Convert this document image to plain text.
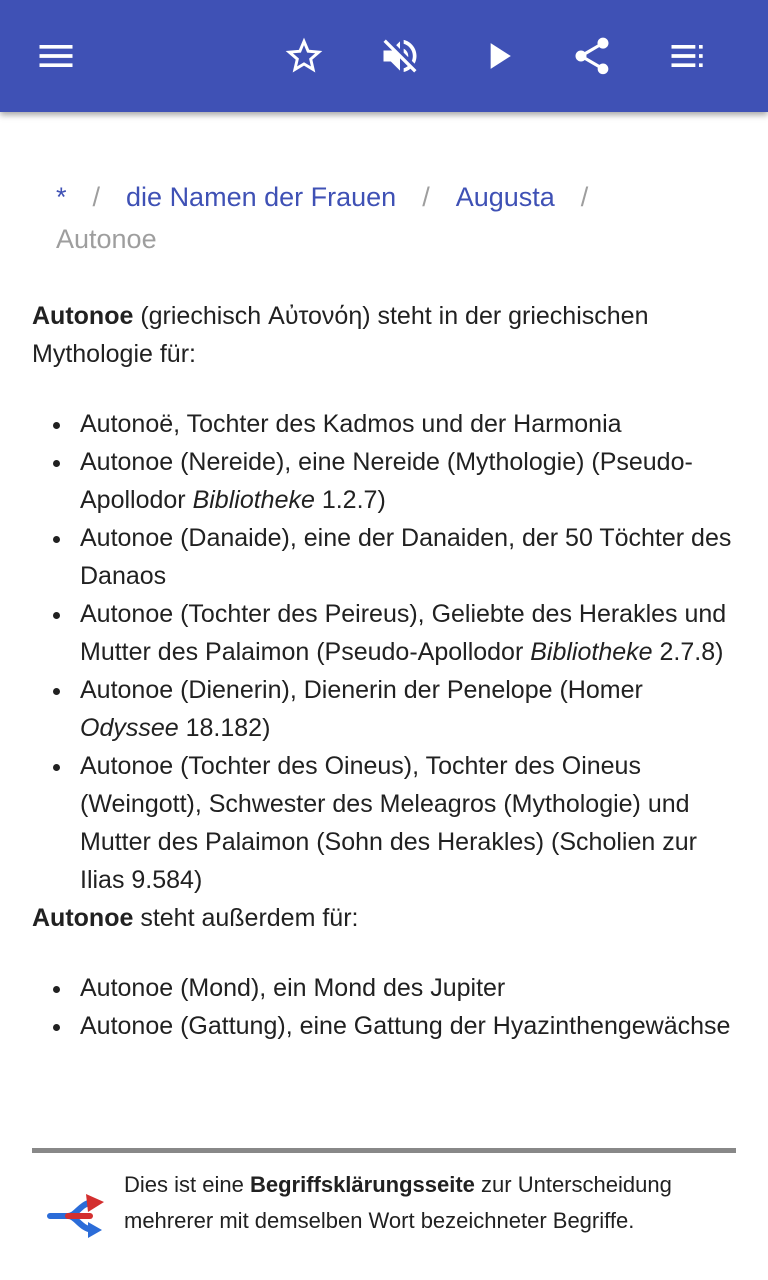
* / die Namen der Frauen / Augusta /
Autonoe

Autonoe (griechisch Αὐτονόη) steht in der griechischen Mythologie für:

Autonoë, Tochter des Kadmos und der Harmonia
Autonoe (Nereide), eine Nereide (Mythologie) (Pseudo-Apollodor Bibliotheke 1.2.7)
Autonoe (Danaide), eine der Danaiden, der 50 Töchter des Danaos
Autonoe (Tochter des Peireus), Geliebte des Herakles und Mutter des Palaimon (Pseudo-Apollodor Bibliotheke 2.7.8)
Autonoe (Dienerin), Dienerin der Penelope (Homer Odyssee 18.182)
Autonoe (Tochter des Oineus), Tochter des Oineus (Weingott), Schwester des Meleagros (Mythologie) und Mutter des Palaimon (Sohn des Herakles) (Scholien zur Ilias 9.584)

Autonoe steht außerdem für:

Autonoe (Mond), ein Mond des Jupiter
Autonoe (Gattung), eine Gattung der Hyazinthengewächse
Dies ist eine Begriffsklärungsseite zur Unterscheidung mehrerer mit demselben Wort bezeichneter Begriffe.
